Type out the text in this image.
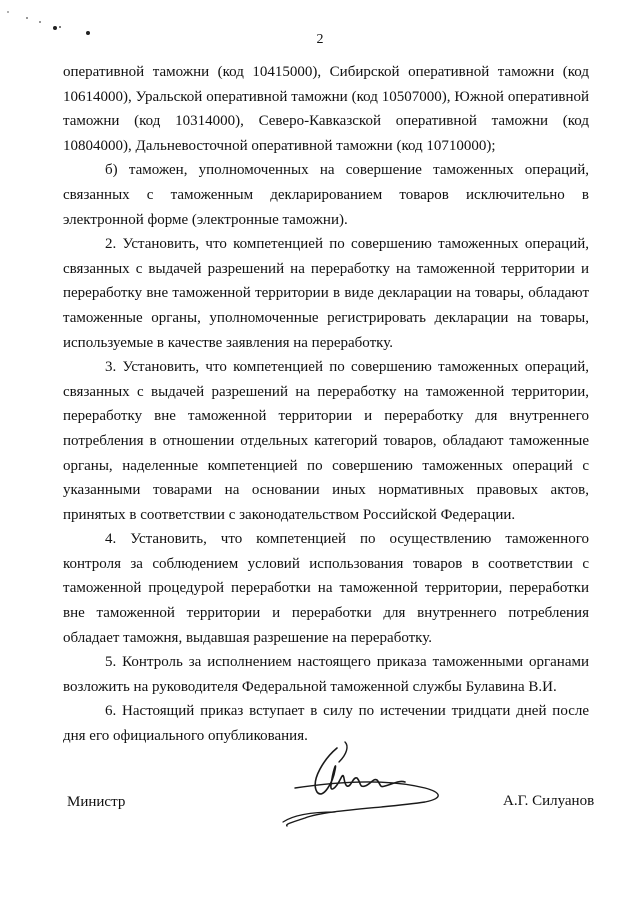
2

оперативной таможни (код 10415000), Сибирской оперативной таможни (код 10614000), Уральской оперативной таможни (код 10507000), Южной оперативной таможни (код 10314000), Северо-Кавказской оперативной таможни (код 10804000), Дальневосточной оперативной таможни (код 10710000);

б) таможен, уполномоченных на совершение таможенных операций, связанных с таможенным декларированием товаров исключительно в электронной форме (электронные таможни).

2. Установить, что компетенцией по совершению таможенных операций, связанных с выдачей разрешений на переработку на таможенной территории и переработку вне таможенной территории в виде декларации на товары, обладают таможенные органы, уполномоченные регистрировать декларации на товары, используемые в качестве заявления на переработку.

3. Установить, что компетенцией по совершению таможенных операций, связанных с выдачей разрешений на переработку на таможенной территории, переработку вне таможенной территории и переработку для внутреннего потребления в отношении отдельных категорий товаров, обладают таможенные органы, наделенные компетенцией по совершению таможенных операций с указанными товарами на основании иных нормативных правовых актов, принятых в соответствии с законодательством Российской Федерации.

4. Установить, что компетенцией по осуществлению таможенного контроля за соблюдением условий использования товаров в соответствии с таможенной процедурой переработки на таможенной территории, переработки вне таможенной территории и переработки для внутреннего потребления обладает таможня, выдавшая разрешение на переработку.

5. Контроль за исполнением настоящего приказа таможенными органами возложить на руководителя Федеральной таможенной службы Булавина В.И.

6. Настоящий приказ вступает в силу по истечении тридцати дней после дня его официального опубликования.

Министр	А.Г. Силуанов
